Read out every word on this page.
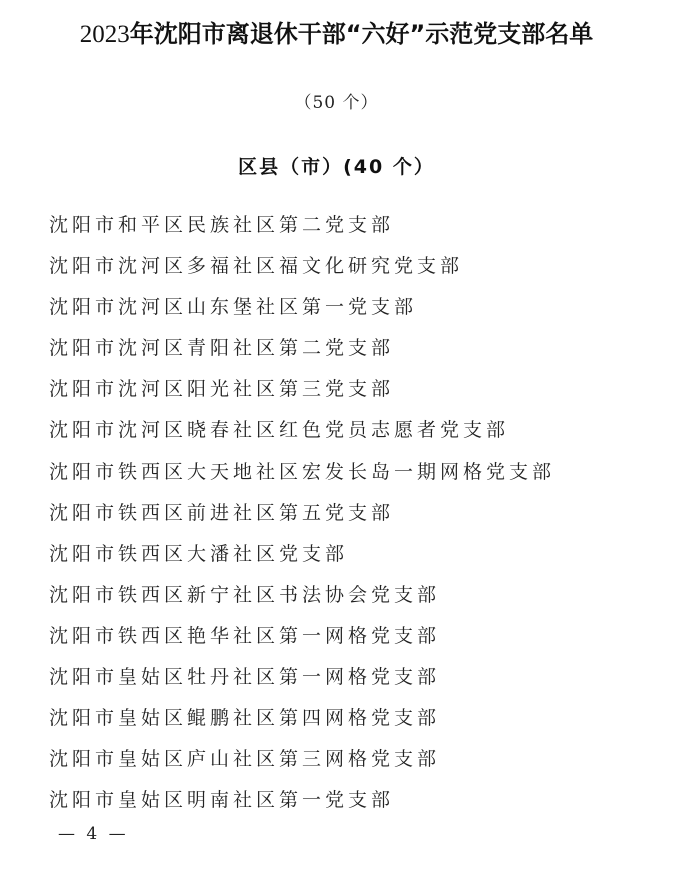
2023年沈阳市离退休干部“六好”示范党支部名单
（50 个）
区县（市）(40 个）
沈阳市和平区民族社区第二党支部
沈阳市沈河区多福社区福文化研究党支部
沈阳市沈河区山东堡社区第一党支部
沈阳市沈河区青阳社区第二党支部
沈阳市沈河区阳光社区第三党支部
沈阳市沈河区晓春社区红色党员志愿者党支部
沈阳市铁西区大天地社区宏发长岛一期网格党支部
沈阳市铁西区前进社区第五党支部
沈阳市铁西区大潘社区党支部
沈阳市铁西区新宁社区书法协会党支部
沈阳市铁西区艳华社区第一网格党支部
沈阳市皇姑区牡丹社区第一网格党支部
沈阳市皇姑区鲲鹏社区第四网格党支部
沈阳市皇姑区庐山社区第三网格党支部
沈阳市皇姑区明南社区第一党支部
— 4 —
